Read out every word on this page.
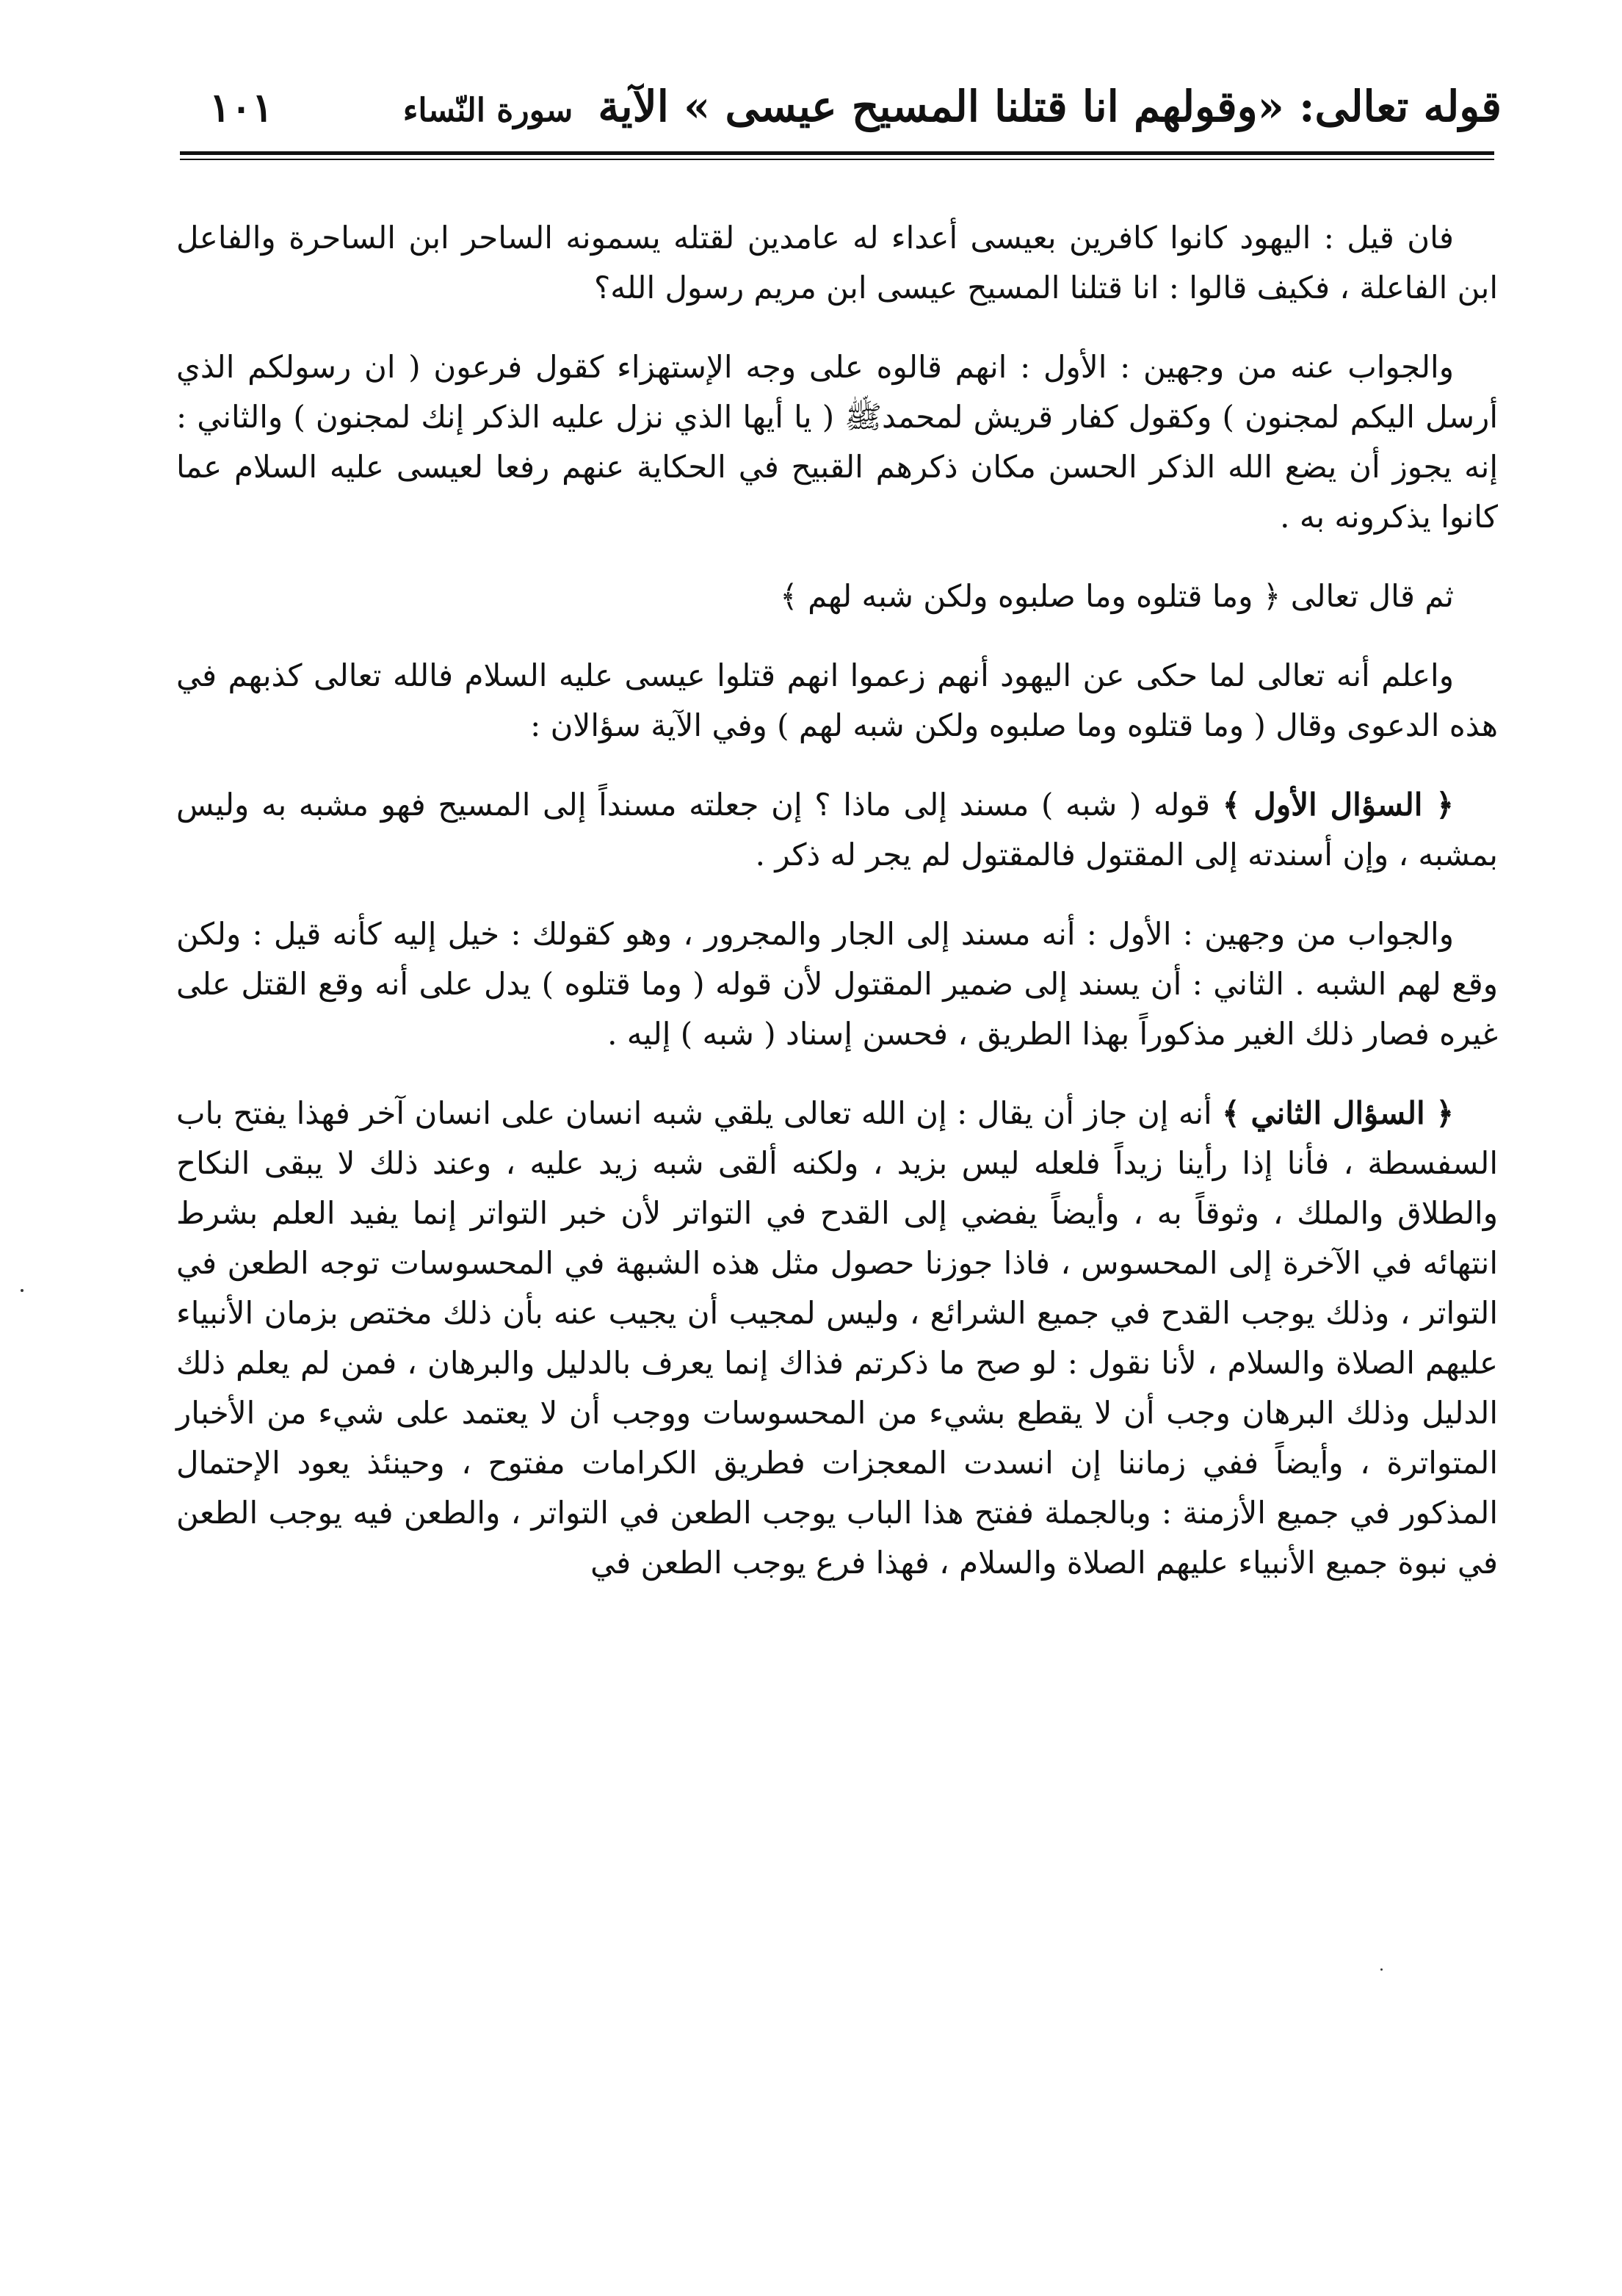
قوله تعالى: «وقولهم انا قتلنا المسيح عيسى » الآية سورة النّساء
١٠١

فان قيل : اليهود كانوا كافرين بعيسى أعداء له عامدين لقتله يسمونه الساحر ابن الساحرة والفاعل ابن الفاعلة ، فكيف قالوا : انا قتلنا المسيح عيسى ابن مريم رسول الله؟

والجواب عنه من وجهين : الأول : انهم قالوه على وجه الإستهزاء كقول فرعون ( ان رسولكم الذي أرسل اليكم لمجنون ) وكقول كفار قريش لمحمدﷺ ( يا أيها الذي نزل عليه الذكر إنك لمجنون ) والثاني : إنه يجوز أن يضع الله الذكر الحسن مكان ذكرهم القبيح في الحكاية عنهم رفعا لعيسى عليه السلام عما كانوا يذكرونه به .

ثم قال تعالى ﴿ وما قتلوه وما صلبوه ولكن شبه لهم ﴾

واعلم أنه تعالى لما حكى عن اليهود أنهم زعموا انهم قتلوا عيسى عليه السلام فالله تعالى كذبهم في هذه الدعوى وقال ( وما قتلوه وما صلبوه ولكن شبه لهم ) وفي الآية سؤالان :

﴿ السؤال الأول ﴾ قوله ( شبه ) مسند إلى ماذا ؟ إن جعلته مسنداً إلى المسيح فهو مشبه به وليس بمشبه ، وإن أسندته إلى المقتول فالمقتول لم يجر له ذكر .

والجواب من وجهين : الأول : أنه مسند إلى الجار والمجرور ، وهو كقولك : خيل إليه كأنه قيل : ولكن وقع لهم الشبه . الثاني : أن يسند إلى ضمير المقتول لأن قوله ( وما قتلوه ) يدل على أنه وقع القتل على غيره فصار ذلك الغير مذكوراً بهذا الطريق ، فحسن إسناد ( شبه ) إليه .

﴿ السؤال الثاني ﴾ أنه إن جاز أن يقال : إن الله تعالى يلقي شبه انسان على انسان آخر فهذا يفتح باب السفسطة ، فأنا إذا رأينا زيداً فلعله ليس بزيد ، ولكنه ألقى شبه زيد عليه ، وعند ذلك لا يبقى النكاح والطلاق والملك ، وثوقاً به ، وأيضاً يفضي إلى القدح في التواتر لأن خبر التواتر إنما يفيد العلم بشرط انتهائه في الآخرة إلى المحسوس ، فاذا جوزنا حصول مثل هذه الشبهة في المحسوسات توجه الطعن في التواتر ، وذلك يوجب القدح في جميع الشرائع ، وليس لمجيب أن يجيب عنه بأن ذلك مختص بزمان الأنبياء عليهم الصلاة والسلام ، لأنا نقول : لو صح ما ذكرتم فذاك إنما يعرف بالدليل والبرهان ، فمن لم يعلم ذلك الدليل وذلك البرهان وجب أن لا يقطع بشيء من المحسوسات ووجب أن لا يعتمد على شيء من الأخبار المتواترة ، وأيضاً ففي زماننا إن انسدت المعجزات فطريق الكرامات مفتوح ، وحينئذ يعود الإحتمال المذكور في جميع الأزمنة : وبالجملة ففتح هذا الباب يوجب الطعن في التواتر ، والطعن فيه يوجب الطعن في نبوة جميع الأنبياء عليهم الصلاة والسلام ، فهذا فرع يوجب الطعن في
